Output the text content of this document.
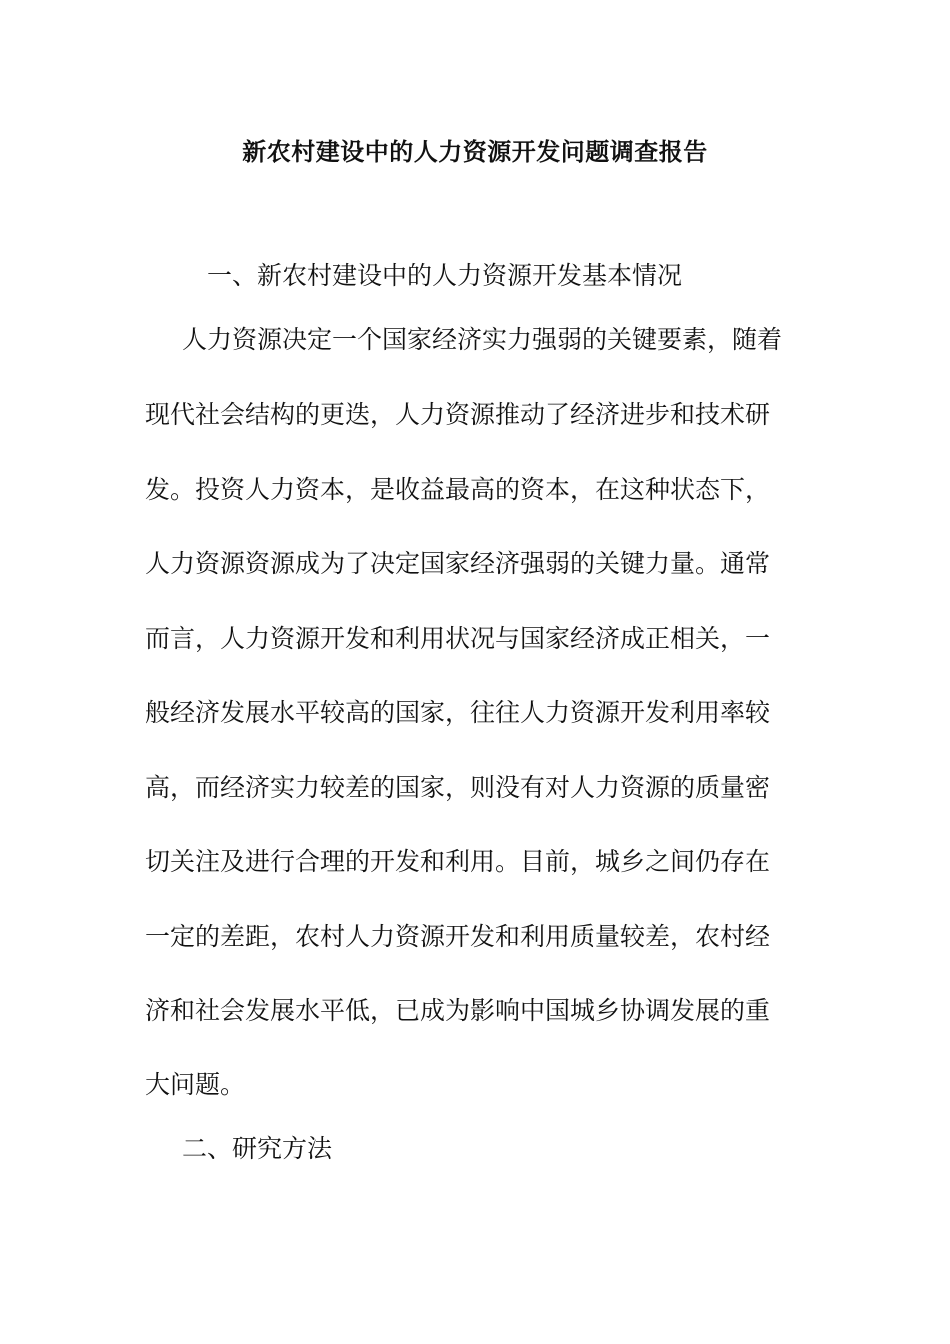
新农村建设中的人力资源开发问题调查报告
一、新农村建设中的人力资源开发基本情况
人力资源决定一个国家经济实力强弱的关键要素，随着
现代社会结构的更迭，人力资源推动了经济进步和技术研
发。投资人力资本，是收益最高的资本，在这种状态下，
人力资源资源成为了决定国家经济强弱的关键力量。通常
而言，人力资源开发和利用状况与国家经济成正相关，一
般经济发展水平较高的国家，往往人力资源开发利用率较
高，而经济实力较差的国家，则没有对人力资源的质量密
切关注及进行合理的开发和利用。目前，城乡之间仍存在
一定的差距，农村人力资源开发和利用质量较差，农村经
济和社会发展水平低，已成为影响中国城乡协调发展的重
大问题。
二、研究方法
